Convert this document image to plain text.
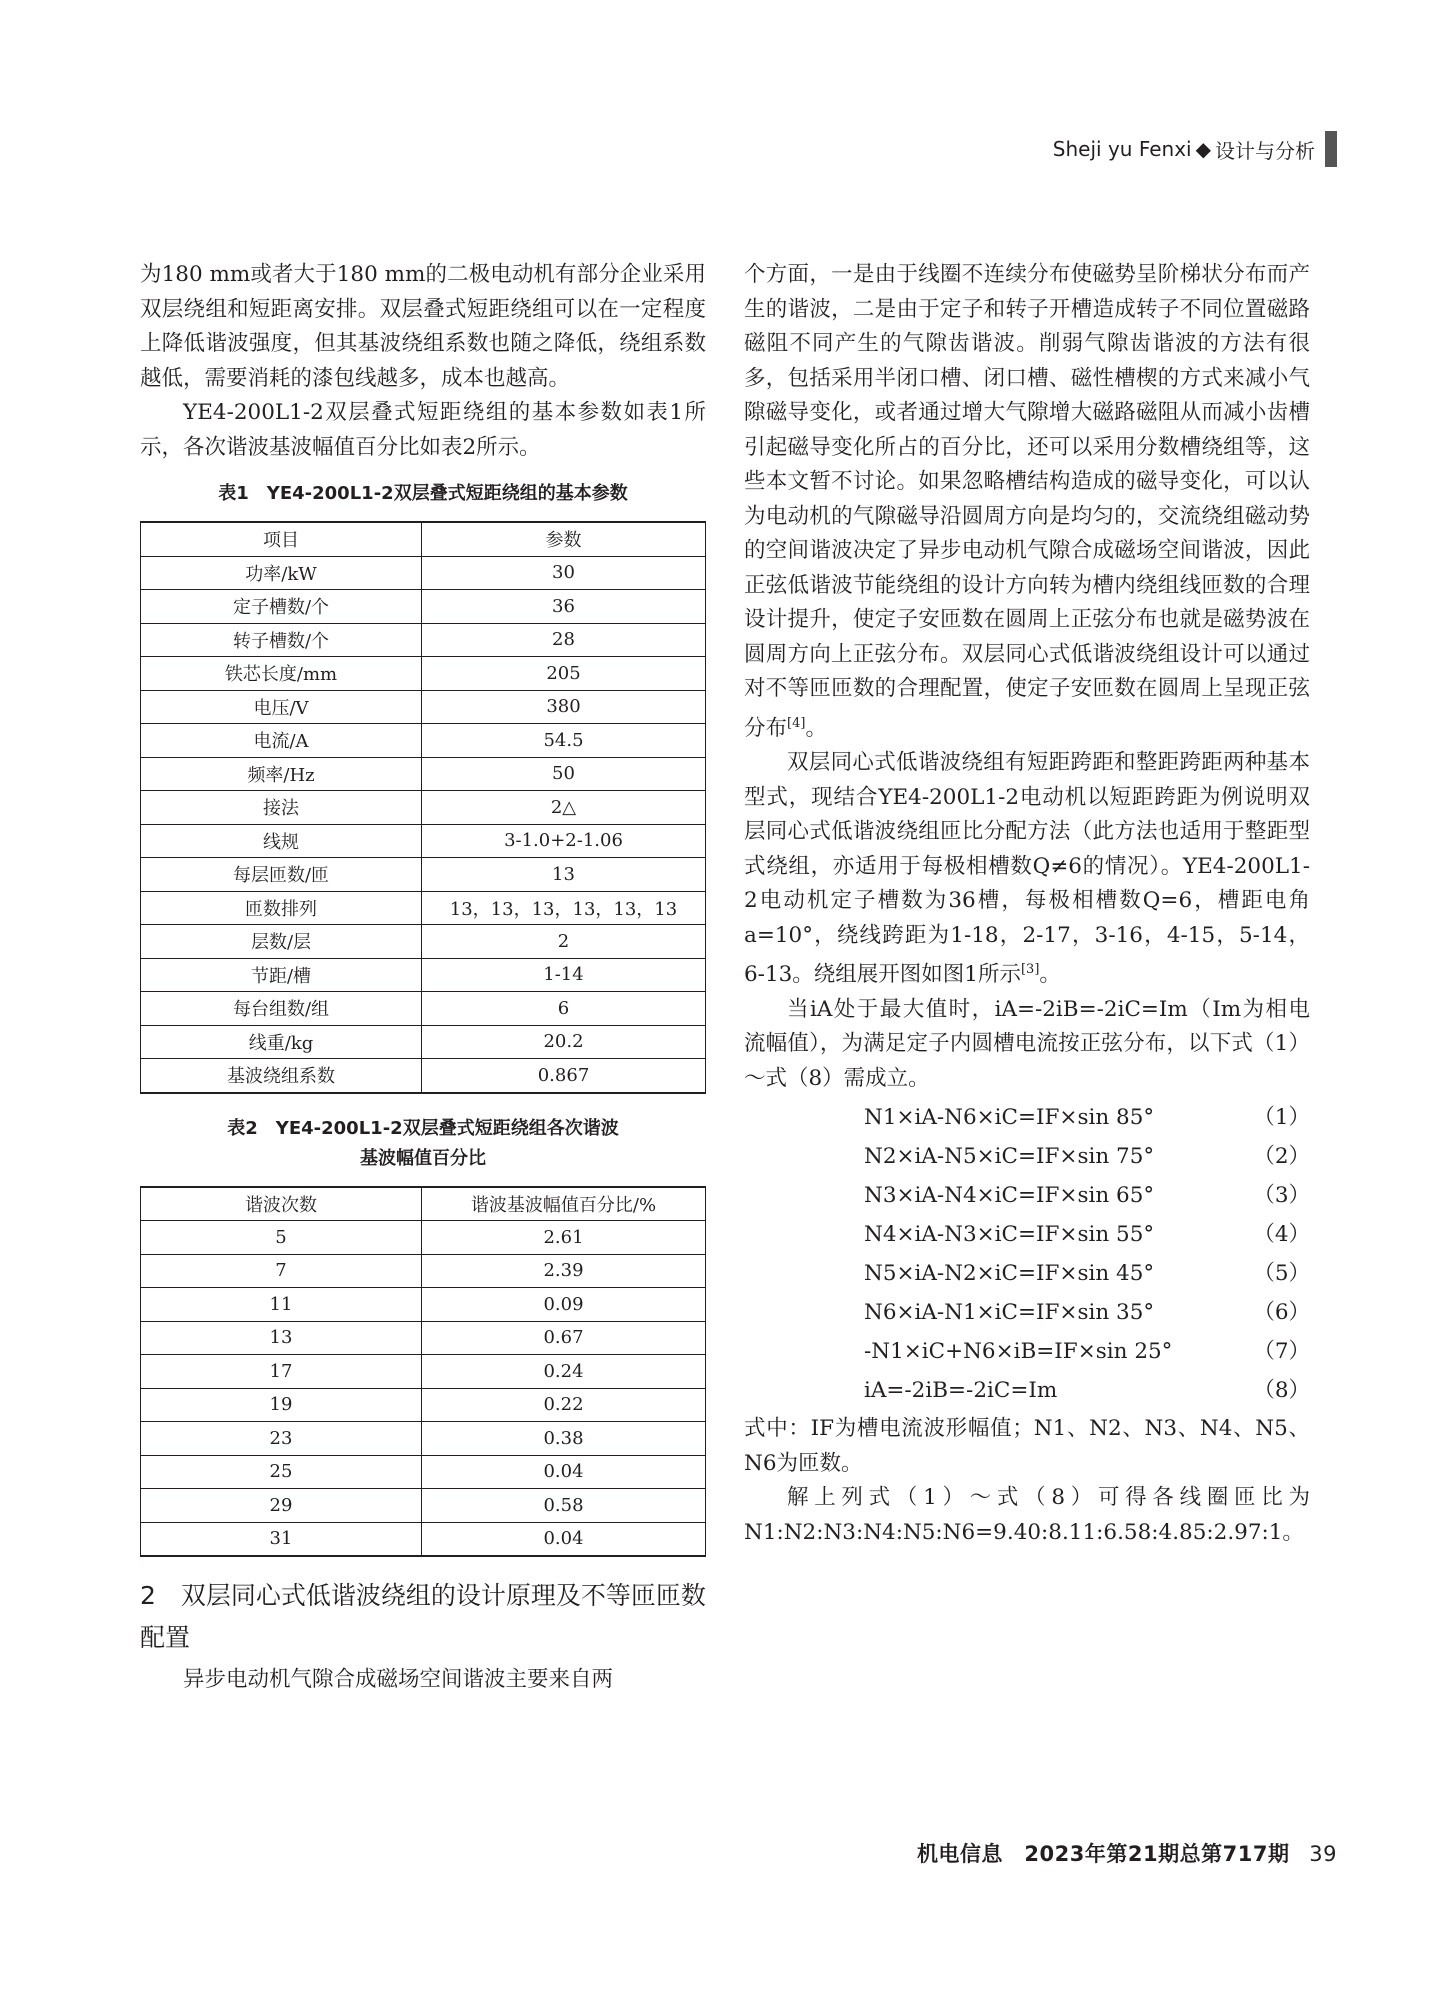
Sheji yu Fenxi ◆ 设计与分析

为180 mm或者大于180 mm的二极电动机有部分企业采用双层绕组和短距离安排。双层叠式短距绕组可以在一定程度上降低谐波强度，但其基波绕组系数也随之降低，绕组系数越低，需要消耗的漆包线越多，成本也越高。

YE4-200L1-2双层叠式短距绕组的基本参数如表1所示，各次谐波基波幅值百分比如表2所示。

表1　YE4-200L1-2双层叠式短距绕组的基本参数
项目	参数
功率/kW	30
定子槽数/个	36
转子槽数/个	28
铁芯长度/mm	205
电压/V	380
电流/A	54.5
频率/Hz	50
接法	2△
线规	3-1.0+2-1.06
每层匝数/匝	13
匝数排列	13，13，13，13，13，13
层数/层	2
节距/槽	1-14
每台组数/组	6
线重/kg	20.2
基波绕组系数	0.867
表2　YE4-200L1-2双层叠式短距绕组各次谐波
基波幅值百分比
谐波次数	谐波基波幅值百分比/%
5	2.61
7	2.39
11	0.09
13	0.67
17	0.24
19	0.22
23	0.38
25	0.04
29	0.58
31	0.04
2　双层同心式低谐波绕组的设计原理及不等匝匝数配置

异步电动机气隙合成磁场空间谐波主要来自两

个方面，一是由于线圈不连续分布使磁势呈阶梯状分布而产生的谐波，二是由于定子和转子开槽造成转子不同位置磁路磁阻不同产生的气隙齿谐波。削弱气隙齿谐波的方法有很多，包括采用半闭口槽、闭口槽、磁性槽楔的方式来减小气隙磁导变化，或者通过增大气隙增大磁路磁阻从而减小齿槽引起磁导变化所占的百分比，还可以采用分数槽绕组等，这些本文暂不讨论。如果忽略槽结构造成的磁导变化，可以认为电动机的气隙磁导沿圆周方向是均匀的，交流绕组磁动势的空间谐波决定了异步电动机气隙合成磁场空间谐波，因此正弦低谐波节能绕组的设计方向转为槽内绕组线匝数的合理设计提升，使定子安匝数在圆周上正弦分布也就是磁势波在圆周方向上正弦分布。双层同心式低谐波绕组设计可以通过对不等匝匝数的合理配置，使定子安匝数在圆周上呈现正弦分布[4]。

双层同心式低谐波绕组有短距跨距和整距跨距两种基本型式，现结合YE4-200L1-2电动机以短距跨距为例说明双层同心式低谐波绕组匝比分配方法（此方法也适用于整距型式绕组，亦适用于每极相槽数Q≠6的情况）。YE4-200L1-2电动机定子槽数为36槽，每极相槽数Q=6，槽距电角a=10°，绕线跨距为1-18，2-17，3-16，4-15，5-14，6-13。绕组展开图如图1所示[3]。

当iA处于最大值时，iA=-2iB=-2iC=Im（Im为相电流幅值），为满足定子内圆槽电流按正弦分布，以下式（1）～式（8）需成立。

N1×iA-N6×iC=IF×sin 85°	（1）
N2×iA-N5×iC=IF×sin 75°	（2）
N3×iA-N4×iC=IF×sin 65°	（3）
N4×iA-N3×iC=IF×sin 55°	（4）
N5×iA-N2×iC=IF×sin 45°	（5）
N6×iA-N1×iC=IF×sin 35°	（6）
-N1×iC+N6×iB=IF×sin 25°	（7）
iA=-2iB=-2iC=Im	（8）

式中：IF为槽电流波形幅值；N1、N2、N3、N4、N5、N6为匝数。

解上列式（1）～式（8）可得各线圈匝比为N1:N2:N3:N4:N5:N6=9.40:8.11:6.58:4.85:2.97:1。

机电信息　2023年第21期总第717期 39
